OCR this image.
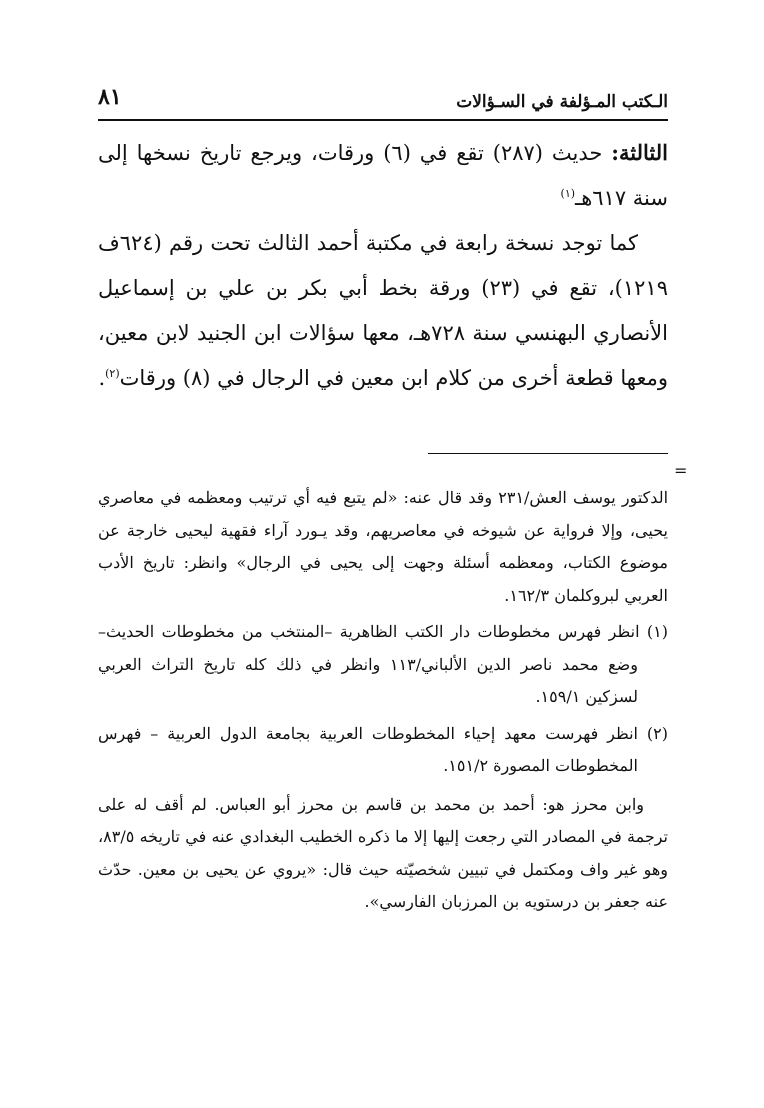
٨١	الـكتب المـؤلفة في السـؤالات

الثالثة: حديث (٢٨٧) تقع في (٦) ورقات، ويرجع تاريخ نسخها إلى سنة ٦١٧هـ$^{(١)}$

كما توجد نسخة رابعة في مكتبة أحمد الثالث تحت رقم (٦٢٤ف ١٢١٩)، تقع في (٢٣) ورقة بخط أبي بكر بن علي بن إسماعيل الأنصاري البهنسي سنة ٧٢٨هـ، معها سؤالات ابن الجنيد لابن معين، ومعها قطعة أخرى من كلام ابن معين في الرجال في (٨) ورقات$^{(٢)}$.

=

الدكتور يوسف العش/٢٣١ وقد قال عنه: «لم يتبع فيه أي ترتيب ومعظمه في معاصري يحيى، وإلا فرواية عن شيوخه في معاصريهم، وقد يـورد آراء فقهية ليحيى خارجة عن موضوع الكتاب، ومعظمه أسئلة وجهت إلى يحيى في الرجال» وانظر: تاريخ الأدب العربي لبروكلمان ١٦٢/٣.

(١) انظر فهرس مخطوطات دار الكتب الظاهرية –المنتخب من مخطوطات الحديث– وضع محمد ناصر الدين الألباني/١١٣ وانظر في ذلك كله تاريخ التراث العربي لسزكين ١٥٩/١.

(٢) انظر فهرست معهد إحياء المخطوطات العربية بجامعة الدول العربية – فهرس المخطوطات المصورة ١٥١/٢.

وابن محرز هو: أحمد بن محمد بن قاسم بن محرز أبو العباس. لم أقف له على ترجمة في المصادر التي رجعت إليها إلا ما ذكره الخطيب البغدادي عنه في تاريخه ٨٣/٥، وهو غير واف ومكتمل في تبيين شخصيّته حيث قال: «يروي عن يحيى بن معين. حدّث عنه جعفر بن درستويه بن المرزبان الفارسي».
